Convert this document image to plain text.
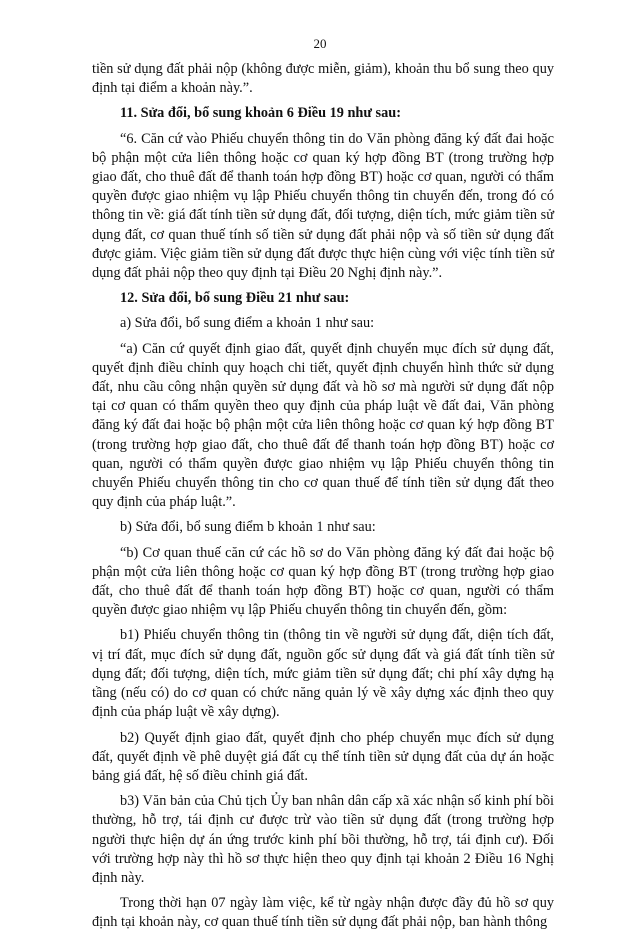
20

tiền sử dụng đất phải nộp (không được miễn, giảm), khoản thu bổ sung theo quy định tại điểm a khoản này.”.

11. Sửa đổi, bổ sung khoản 6 Điều 19 như sau:

“6. Căn cứ vào Phiếu chuyển thông tin do Văn phòng đăng ký đất đai hoặc bộ phận một cửa liên thông hoặc cơ quan ký hợp đồng BT (trong trường hợp giao đất, cho thuê đất để thanh toán hợp đồng BT) hoặc cơ quan, người có thẩm quyền được giao nhiệm vụ lập Phiếu chuyển thông tin chuyển đến, trong đó có thông tin về: giá đất tính tiền sử dụng đất, đối tượng, diện tích, mức giảm tiền sử dụng đất, cơ quan thuế tính số tiền sử dụng đất phải nộp và số tiền sử dụng đất được giảm. Việc giảm tiền sử dụng đất được thực hiện cùng với việc tính tiền sử dụng đất phải nộp theo quy định tại Điều 20 Nghị định này.”.

12. Sửa đổi, bổ sung Điều 21 như sau:

a) Sửa đổi, bổ sung điểm a khoản 1 như sau:

“a) Căn cứ quyết định giao đất, quyết định chuyển mục đích sử dụng đất, quyết định điều chỉnh quy hoạch chi tiết, quyết định chuyển hình thức sử dụng đất, nhu cầu công nhận quyền sử dụng đất và hồ sơ mà người sử dụng đất nộp tại cơ quan có thẩm quyền theo quy định của pháp luật về đất đai, Văn phòng đăng ký đất đai hoặc bộ phận một cửa liên thông hoặc cơ quan ký hợp đồng BT (trong trường hợp giao đất, cho thuê đất để thanh toán hợp đồng BT) hoặc cơ quan, người có thẩm quyền được giao nhiệm vụ lập Phiếu chuyển thông tin chuyển Phiếu chuyển thông tin cho cơ quan thuế để tính tiền sử dụng đất theo quy định của pháp luật.”.

b) Sửa đổi, bổ sung điểm b khoản 1 như sau:

“b) Cơ quan thuế căn cứ các hồ sơ do Văn phòng đăng ký đất đai hoặc bộ phận một cửa liên thông hoặc cơ quan ký hợp đồng BT (trong trường hợp giao đất, cho thuê đất để thanh toán hợp đồng BT) hoặc cơ quan, người có thẩm quyền được giao nhiệm vụ lập Phiếu chuyển thông tin chuyển đến, gồm:

b1) Phiếu chuyển thông tin (thông tin về người sử dụng đất, diện tích đất, vị trí đất, mục đích sử dụng đất, nguồn gốc sử dụng đất và giá đất tính tiền sử dụng đất; đối tượng, diện tích, mức giảm tiền sử dụng đất; chi phí xây dựng hạ tầng (nếu có) do cơ quan có chức năng quản lý về xây dựng xác định theo quy định của pháp luật về xây dựng).

b2) Quyết định giao đất, quyết định cho phép chuyển mục đích sử dụng đất, quyết định về phê duyệt giá đất cụ thể tính tiền sử dụng đất của dự án hoặc bảng giá đất, hệ số điều chỉnh giá đất.

b3) Văn bản của Chủ tịch Ủy ban nhân dân cấp xã xác nhận số kinh phí bồi thường, hỗ trợ, tái định cư được trừ vào tiền sử dụng đất (trong trường hợp người thực hiện dự án ứng trước kinh phí bồi thường, hỗ trợ, tái định cư). Đối với trường hợp này thì hồ sơ thực hiện theo quy định tại khoản 2 Điều 16 Nghị định này.

Trong thời hạn 07 ngày làm việc, kể từ ngày nhận được đầy đủ hồ sơ quy định tại khoản này, cơ quan thuế tính tiền sử dụng đất phải nộp, ban hành thông
